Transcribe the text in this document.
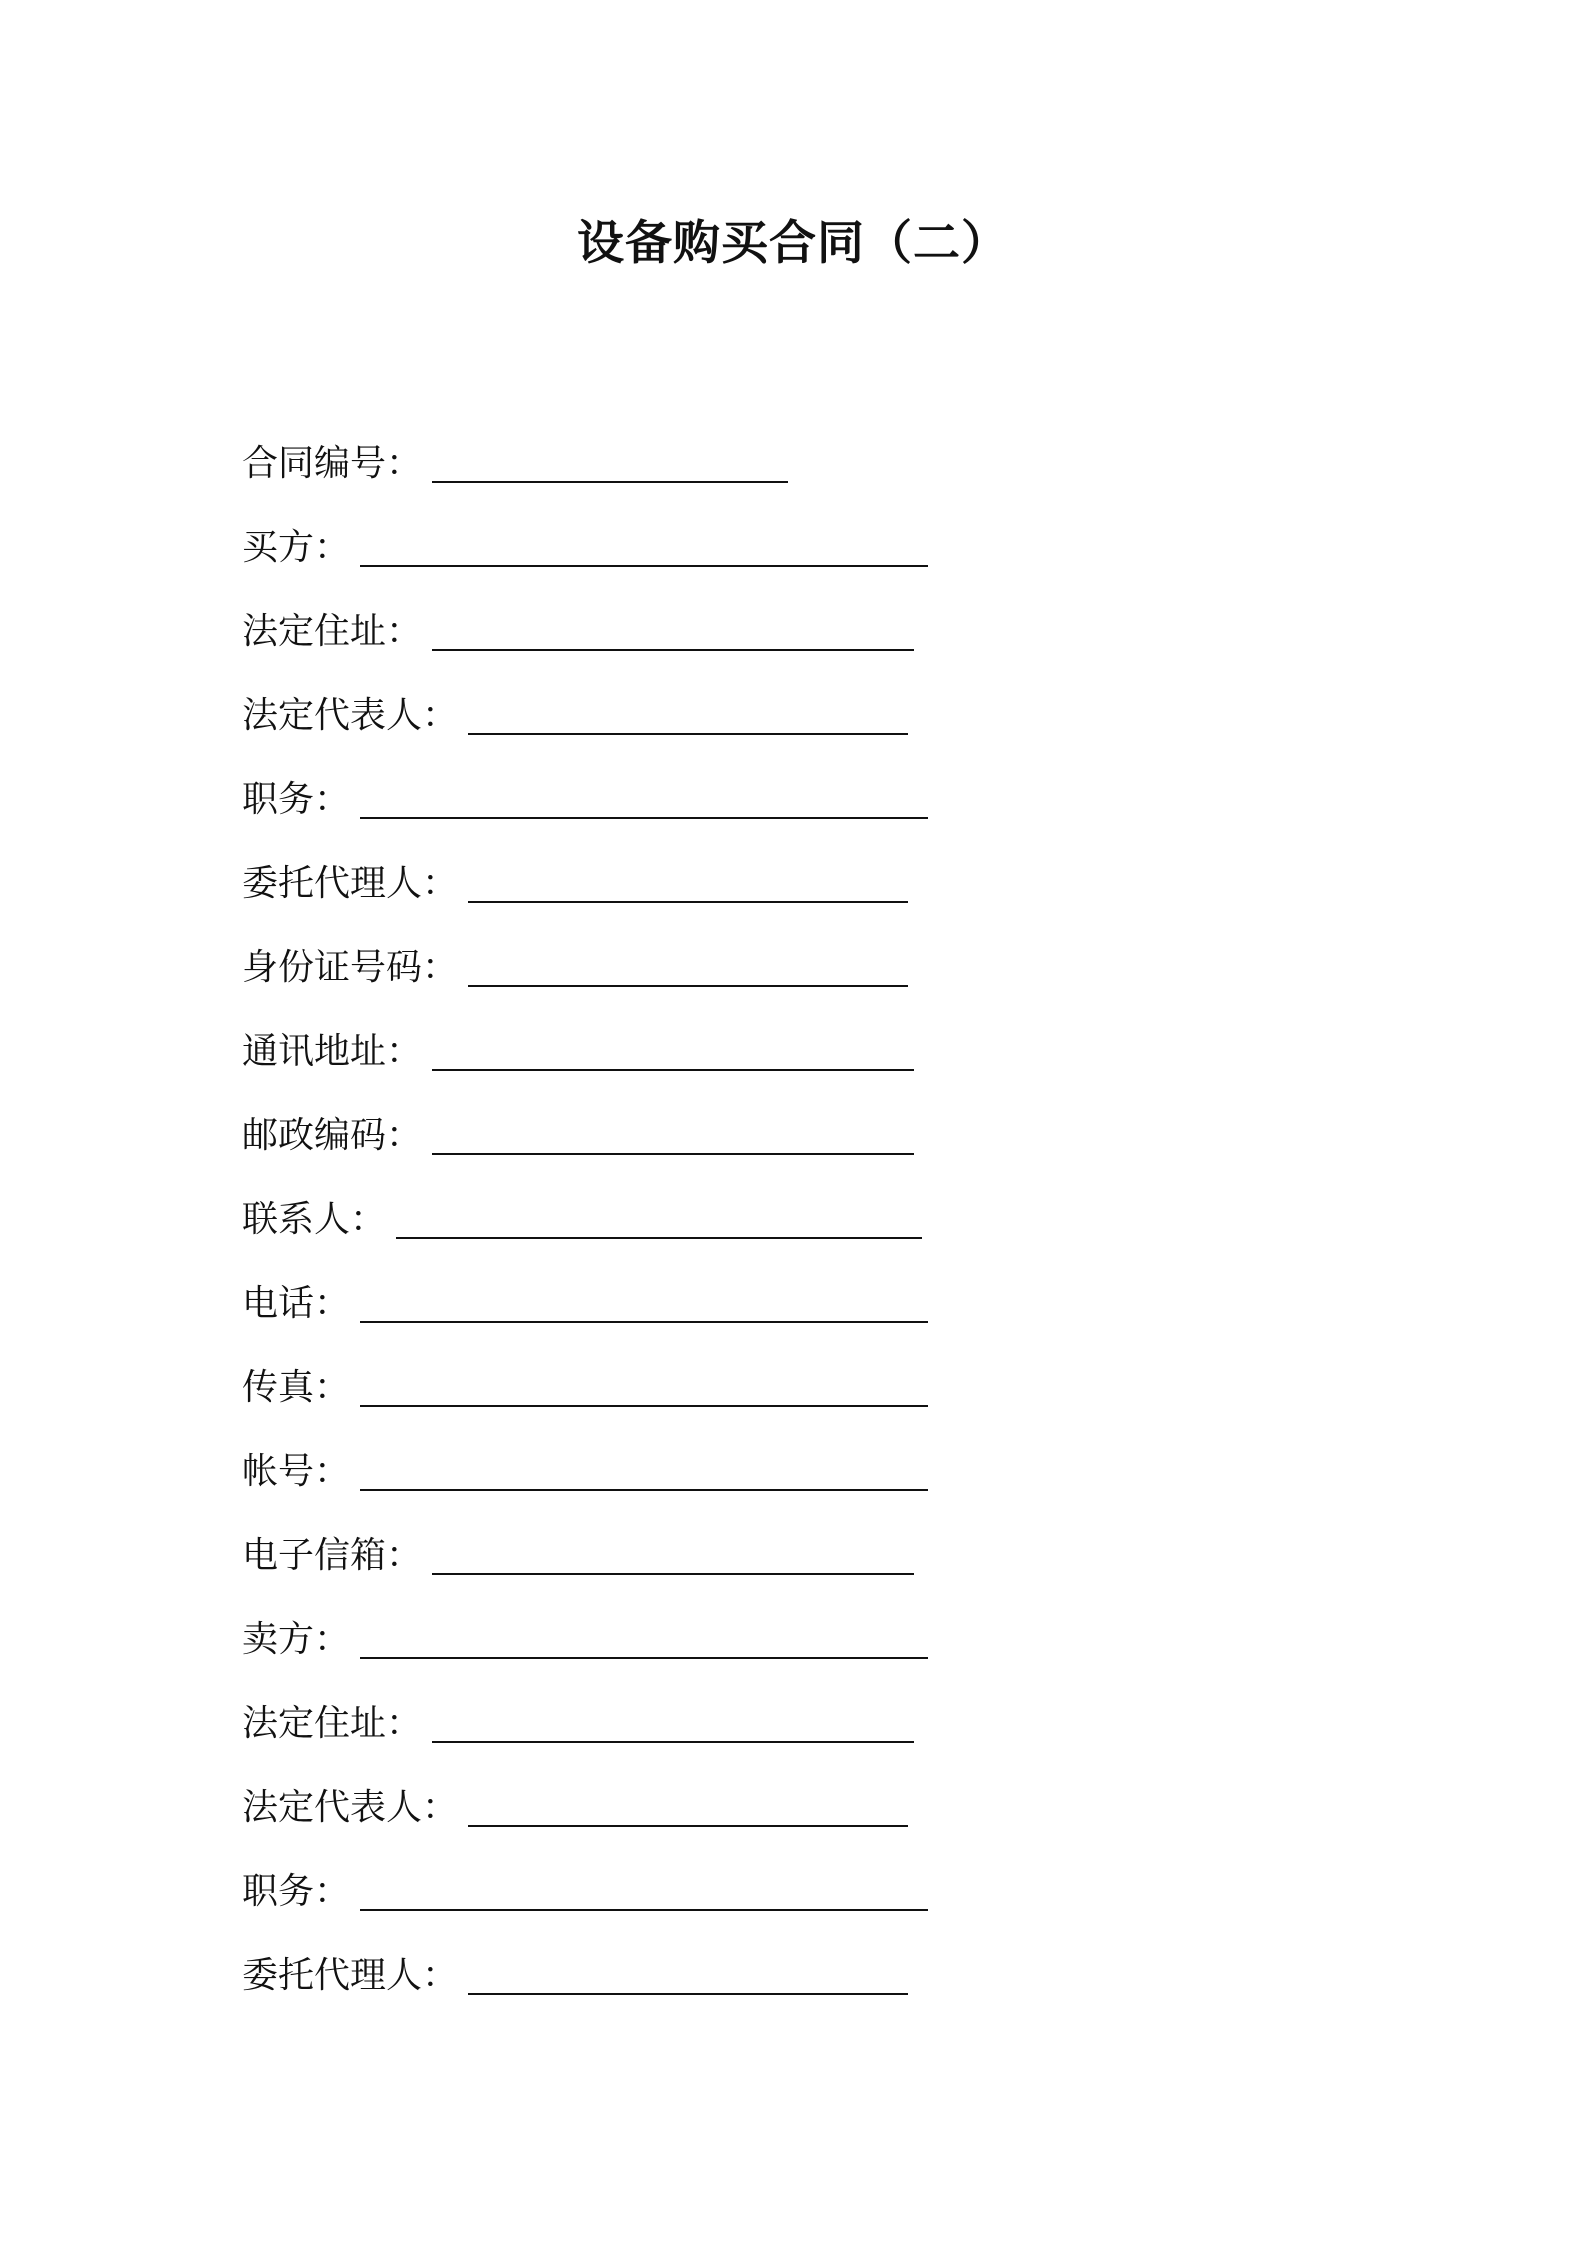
设备购买合同（二）
合同编号：
买方：
法定住址：
法定代表人：
职务：
委托代理人：
身份证号码：
通讯地址：
邮政编码：
联系人：
电话：
传真：
帐号：
电子信箱：
卖方：
法定住址：
法定代表人：
职务：
委托代理人：
